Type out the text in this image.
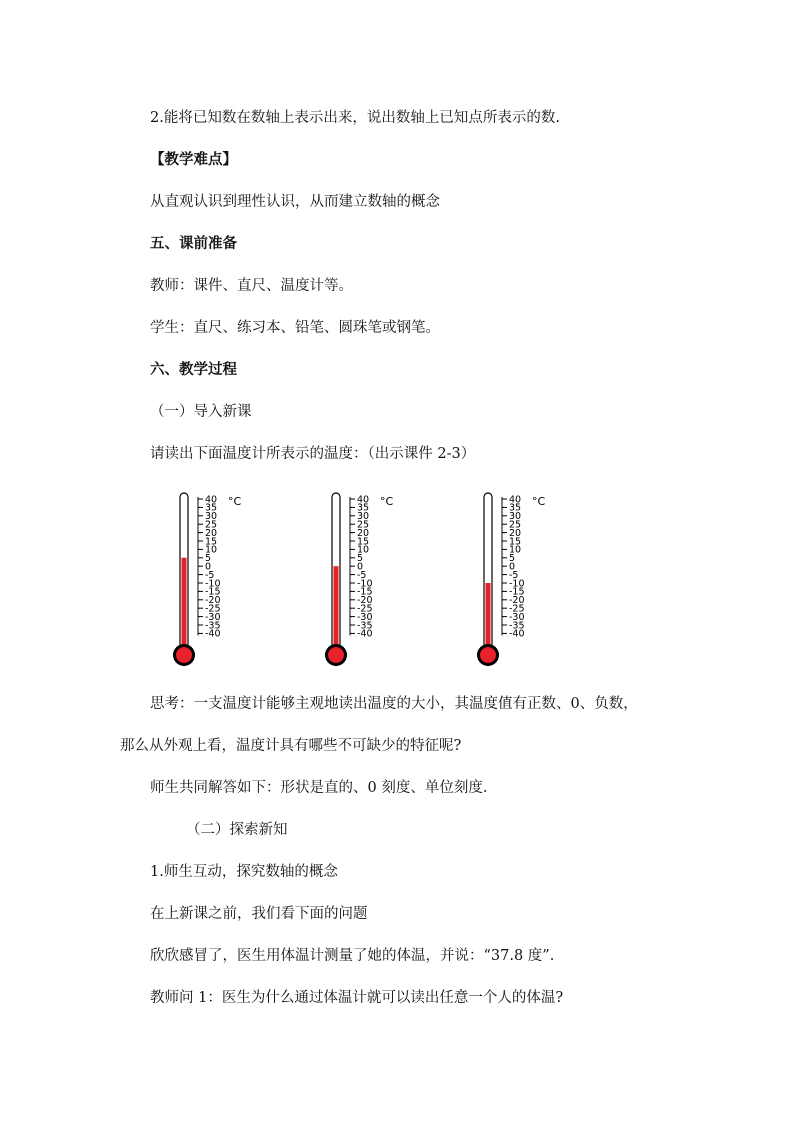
2.能将已知数在数轴上表示出来，说出数轴上已知点所表示的数.
【教学难点】
从直观认识到理性认识，从而建立数轴的概念
五、课前准备
教师：课件、直尺、温度计等。
学生：直尺、练习本、铅笔、圆珠笔或钢笔。
六、教学过程
（一）导入新课
请读出下面温度计所表示的温度：（出示课件 2-3）
40
35
30
25
20
15
10
5
0
-5
-10
-15
-20
-25
-30
-35
-40
°C	40
35
30
25
20
15
10
5
0
-5
-10
-15
-20
-25
-30
-35
-40
°C	40
35
30
25
20
15
10
5
0
-5
-10
-15
-20
-25
-30
-35
-40
°C
思考：一支温度计能够主观地读出温度的大小，其温度值有正数、0、负数，
那么从外观上看，温度计具有哪些不可缺少的特征呢?
师生共同解答如下：形状是直的、0 刻度、单位刻度.
（二）探索新知
1.师生互动，探究数轴的概念
在上新课之前，我们看下面的问题
欣欣感冒了，医生用体温计测量了她的体温，并说：“37.8 度”.
教师问 1：医生为什么通过体温计就可以读出任意一个人的体温?
